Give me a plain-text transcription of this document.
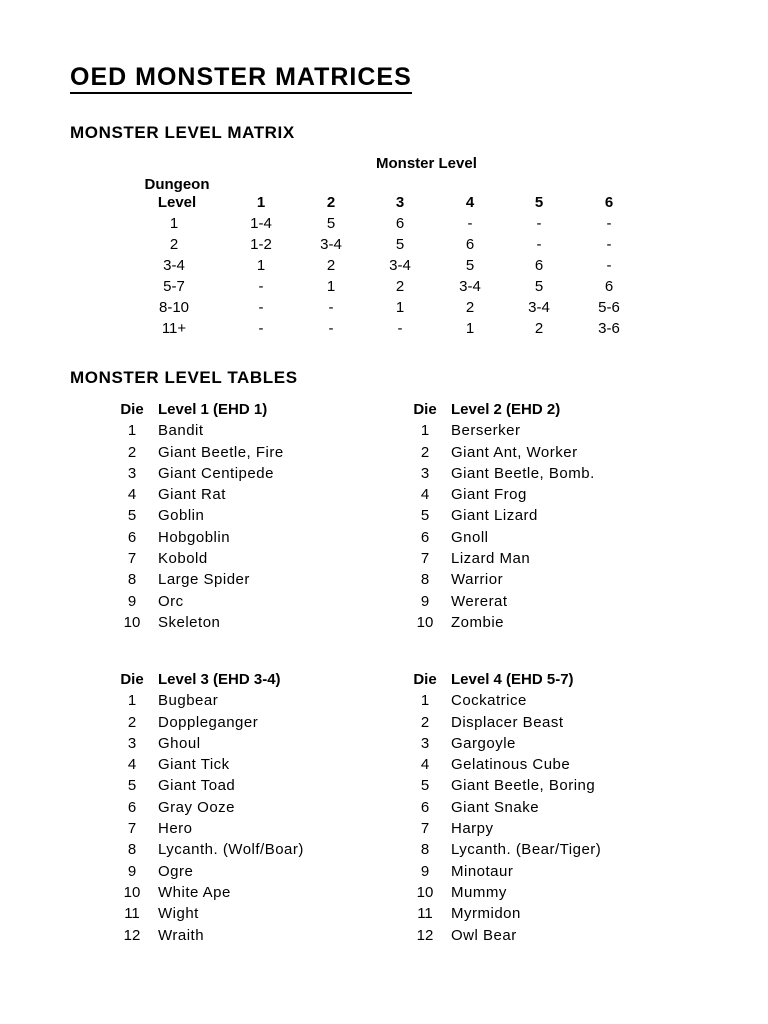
OED MONSTER MATRICES
MONSTER LEVEL MATRIX
Monster Level
Dungeon
Level	1	2	3	4	5	6
1	1-4	5	6	-	-	-
2	1-2	3-4	5	6	-	-
3-4	1	2	3-4	5	6	-
5-7	-	1	2	3-4	5	6
8-10	-	-	1	2	3-4	5-6
11+	-	-	-	1	2	3-6
MONSTER LEVEL TABLES
Die Level 1 (EHD 1)
1	Bandit
2	Giant Beetle, Fire
3	Giant Centipede
4	Giant Rat
5	Goblin
6	Hobgoblin
7	Kobold
8	Large Spider
9	Orc
10	Skeleton
Die Level 2 (EHD 2)
1	Berserker
2	Giant Ant, Worker
3	Giant Beetle, Bomb.
4	Giant Frog
5	Giant Lizard
6	Gnoll
7	Lizard Man
8	Warrior
9	Wererat
10	Zombie
Die Level 3 (EHD 3-4)
1	Bugbear
2	Doppleganger
3	Ghoul
4	Giant Tick
5	Giant Toad
6	Gray Ooze
7	Hero
8	Lycanth. (Wolf/Boar)
9	Ogre
10	White Ape
11	Wight
12	Wraith
Die Level 4 (EHD 5-7)
1	Cockatrice
2	Displacer Beast
3	Gargoyle
4	Gelatinous Cube
5	Giant Beetle, Boring
6	Giant Snake
7	Harpy
8	Lycanth. (Bear/Tiger)
9	Minotaur
10	Mummy
11	Myrmidon
12	Owl Bear
